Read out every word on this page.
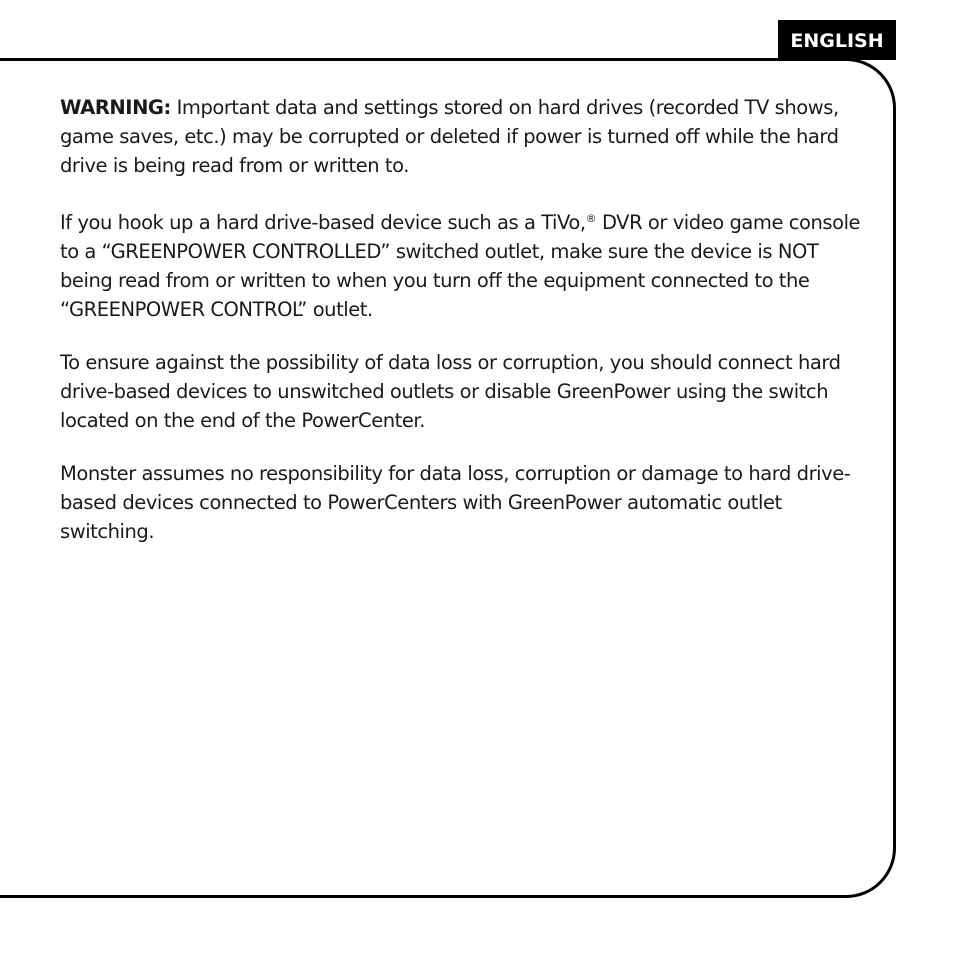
ENGLISH

WARNING: Important data and settings stored on hard drives (recorded TV shows, game saves, etc.) may be corrupted or deleted if power is turned off while the hard drive is being read from or written to.

If you hook up a hard drive-based device such as a TiVo,® DVR or video game console to a “GREENPOWER CONTROLLED” switched outlet, make sure the device is NOT being read from or written to when you turn off the equipment connected to the “GREENPOWER CONTROL” outlet.

To ensure against the possibility of data loss or corruption, you should connect hard drive-based devices to unswitched outlets or disable GreenPower using the switch located on the end of the PowerCenter.

Monster assumes no responsibility for data loss, corruption or damage to hard drive-based devices connected to PowerCenters with GreenPower automatic outlet switching.
